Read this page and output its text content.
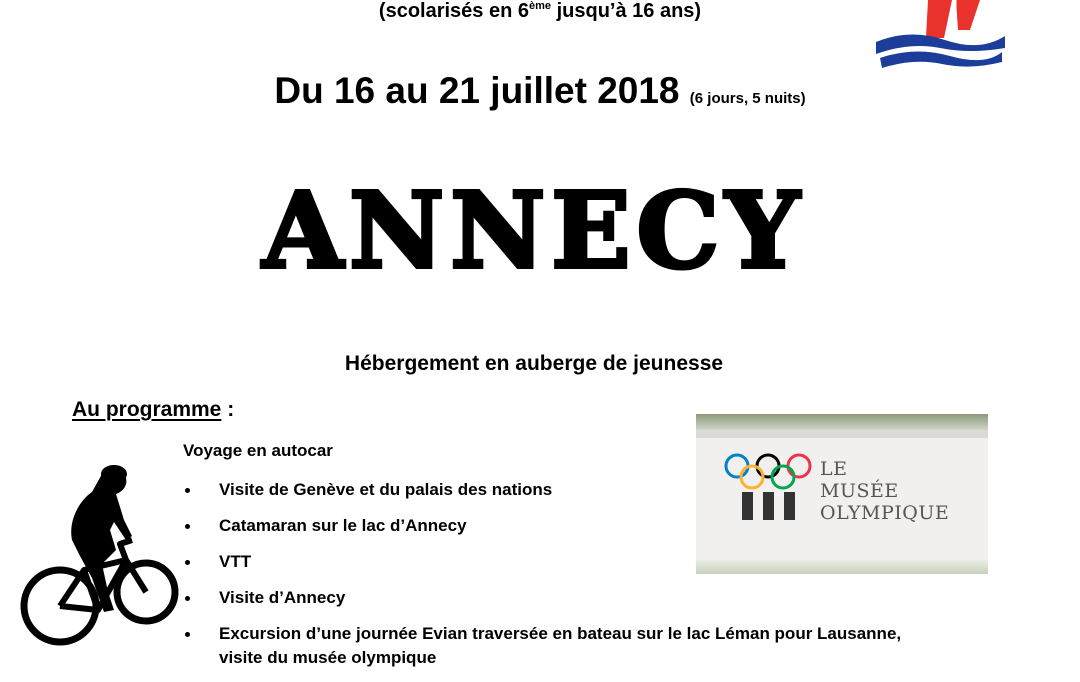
(scolarisés en 6ème jusqu’à 16 ans)
Du 16 au 21 juillet 2018 (6 jours, 5 nuits)
ANNECY
Hébergement en auberge de jeunesse
Au programme :
Voyage en autocar
Visite de Genève et du palais des nations
Catamaran sur le lac d’Annecy
VTT
Visite d’Annecy
Excursion d’une journée Evian traversée en bateau sur le lac Léman pour Lausanne,
visite du musée olympique
LE
MUSÉE
OLYMPIQUE
